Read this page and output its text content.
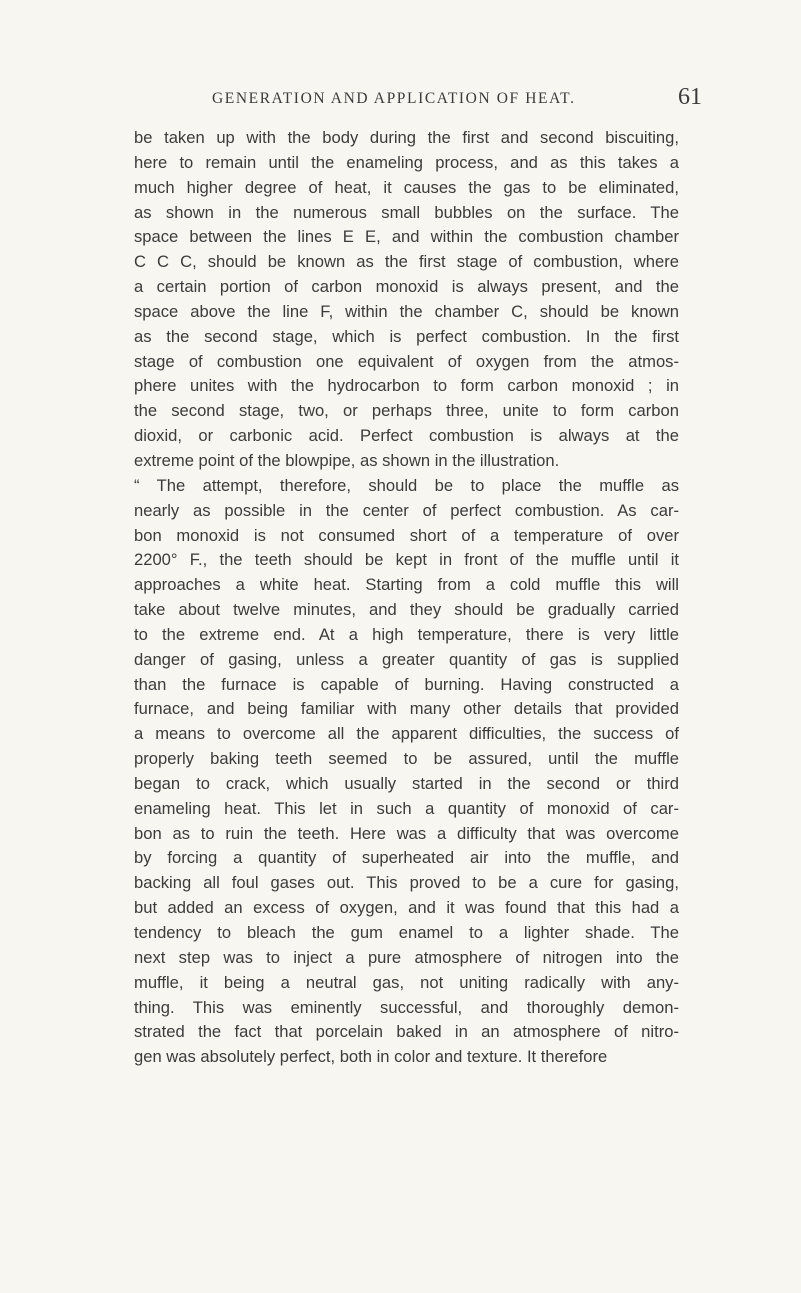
GENERATION AND APPLICATION OF HEAT.	61
be taken up with the body during the first and second biscuiting,
here to remain until the enameling process, and as this takes a
much higher degree of heat, it causes the gas to be eliminated,
as shown in the numerous small bubbles on the surface. The
space between the lines E E, and within the combustion chamber
C C C, should be known as the first stage of combustion, where
a certain portion of carbon monoxid is always present, and the
space above the line F, within the chamber C, should be known
as the second stage, which is perfect combustion. In the first
stage of combustion one equivalent of oxygen from the atmos-
phere unites with the hydrocarbon to form carbon monoxid ; in
the second stage, two, or perhaps three, unite to form carbon
dioxid, or carbonic acid. Perfect combustion is always at the
extreme point of the blowpipe, as shown in the illustration.
“ The attempt, therefore, should be to place the muffle as
nearly as possible in the center of perfect combustion. As car-
bon monoxid is not consumed short of a temperature of over
2200° F., the teeth should be kept in front of the muffle until it
approaches a white heat. Starting from a cold muffle this will
take about twelve minutes, and they should be gradually carried
to the extreme end. At a high temperature, there is very little
danger of gasing, unless a greater quantity of gas is supplied
than the furnace is capable of burning. Having constructed a
furnace, and being familiar with many other details that provided
a means to overcome all the apparent difficulties, the success of
properly baking teeth seemed to be assured, until the muffle
began to crack, which usually started in the second or third
enameling heat. This let in such a quantity of monoxid of car-
bon as to ruin the teeth. Here was a difficulty that was overcome
by forcing a quantity of superheated air into the muffle, and
backing all foul gases out. This proved to be a cure for gasing,
but added an excess of oxygen, and it was found that this had a
tendency to bleach the gum enamel to a lighter shade. The
next step was to inject a pure atmosphere of nitrogen into the
muffle, it being a neutral gas, not uniting radically with any-
thing. This was eminently successful, and thoroughly demon-
strated the fact that porcelain baked in an atmosphere of nitro-
gen was absolutely perfect, both in color and texture. It therefore
